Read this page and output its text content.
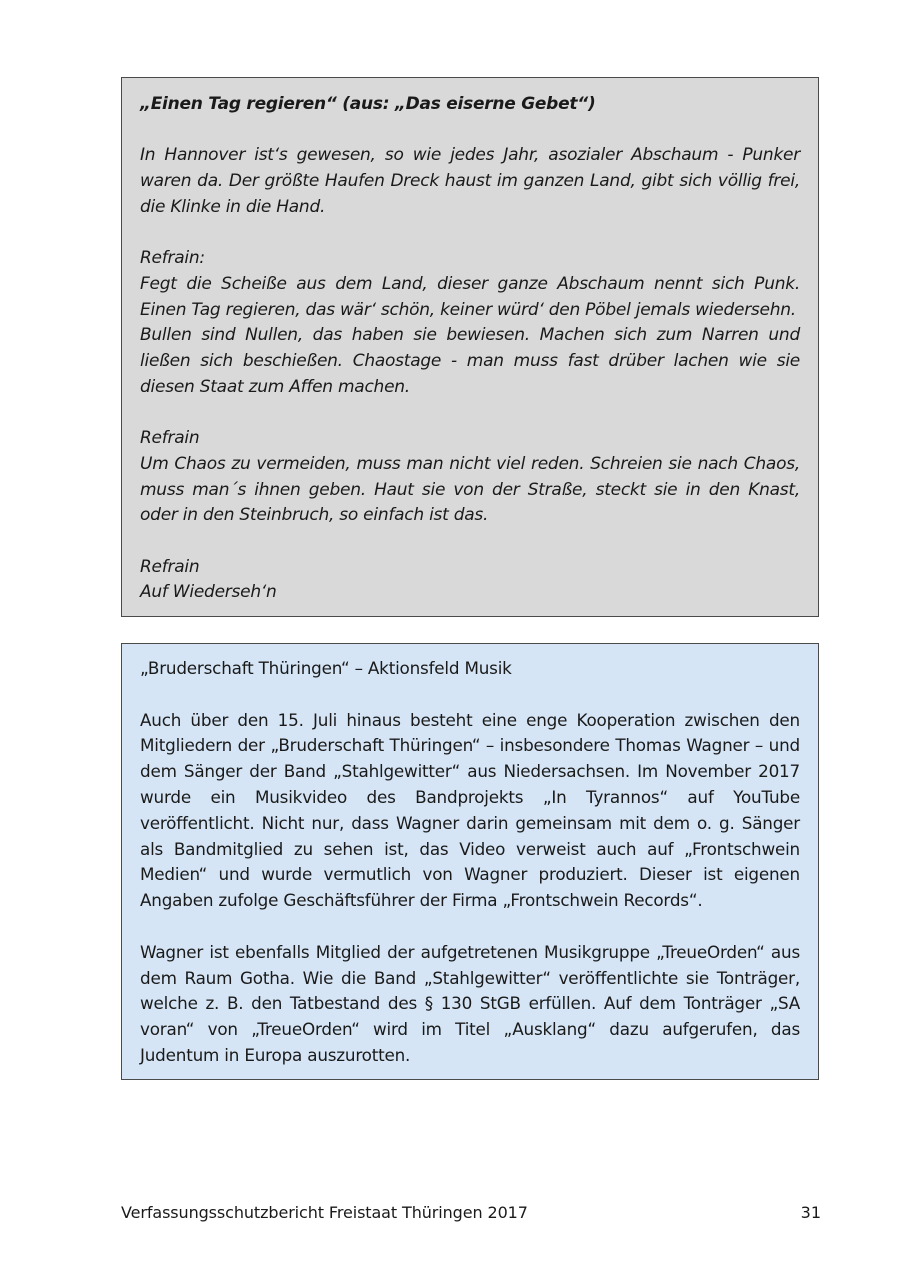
„Einen Tag regieren“ (aus: „Das eiserne Gebet“)

In Hannover ist‘s gewesen, so wie jedes Jahr, asozialer Abschaum - Punker waren da. Der größte Haufen Dreck haust im ganzen Land, gibt sich völlig frei, die Klinke in die Hand.

Refrain:

Fegt die Scheiße aus dem Land, dieser ganze Abschaum nennt sich Punk. Einen Tag regieren, das wär‘ schön, keiner würd‘ den Pöbel jemals wiedersehn.

Bullen sind Nullen, das haben sie bewiesen. Machen sich zum Narren und ließen sich beschießen. Chaostage - man muss fast drüber lachen wie sie diesen Staat zum Affen machen.

Refrain

Um Chaos zu vermeiden, muss man nicht viel reden. Schreien sie nach Chaos, muss man´s ihnen geben. Haut sie von der Straße, steckt sie in den Knast, oder in den Steinbruch, so einfach ist das.

Refrain

Auf Wiederseh‘n

„Bruderschaft Thüringen“ – Aktionsfeld Musik

Auch über den 15. Juli hinaus besteht eine enge Kooperation zwischen den Mitgliedern der „Bruderschaft Thüringen“ – insbesondere Thomas Wagner – und dem Sänger der Band „Stahlgewitter“ aus Niedersachsen. Im November 2017 wurde ein Musikvideo des Bandprojekts „In Tyrannos“ auf YouTube veröffentlicht. Nicht nur, dass Wagner darin gemeinsam mit dem o. g. Sänger als Bandmitglied zu sehen ist, das Video verweist auch auf „Frontschwein Medien“ und wurde vermutlich von Wagner produziert. Dieser ist eigenen Angaben zufolge Geschäftsführer der Firma „Frontschwein Records“.

Wagner ist ebenfalls Mitglied der aufgetretenen Musikgruppe „TreueOrden“ aus dem Raum Gotha. Wie die Band „Stahlgewitter“ veröffentlichte sie Tonträger, welche z. B. den Tatbestand des § 130 StGB erfüllen. Auf dem Tonträger „SA voran“ von „TreueOrden“ wird im Titel „Ausklang“ dazu aufgerufen, das Judentum in Europa auszurotten.

Verfassungsschutzbericht Freistaat Thüringen 2017	31
